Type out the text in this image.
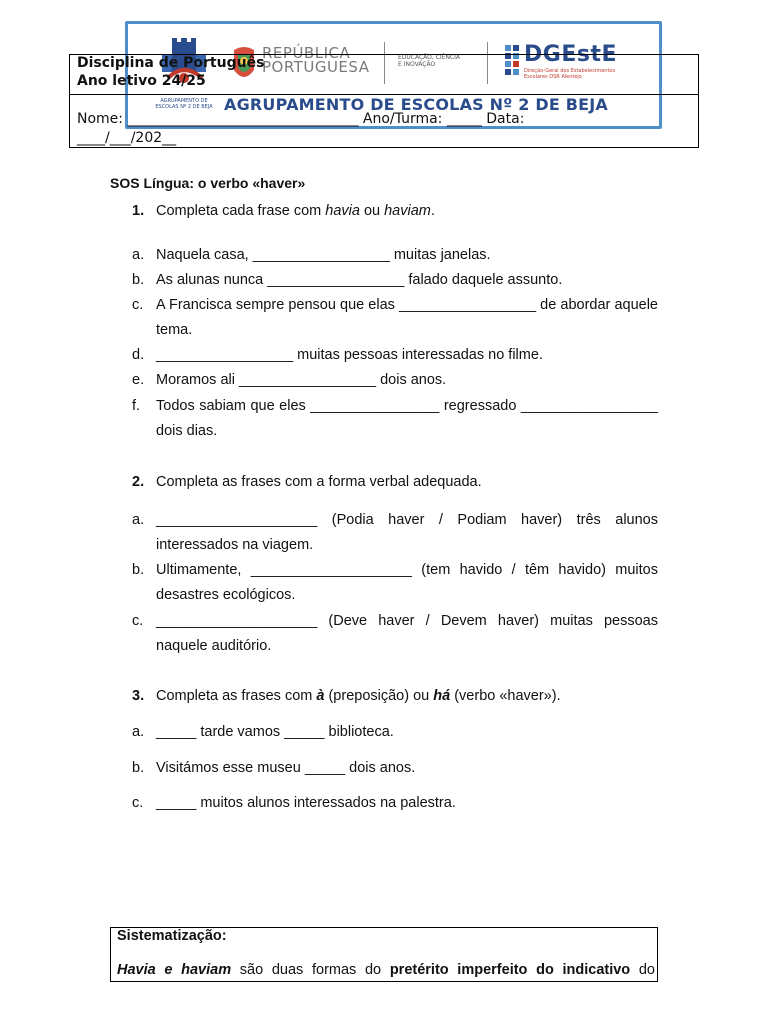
AGRUPAMENTO DE ESCOLAS Nº 2 DE BEJA
REPÚBLICA
PORTUGUESA
EDUCAÇÃO, CIÊNCIA
E INOVAÇÃO	DGEstE
Direção-Geral dos Estabelecimentos Escolares DSR Alentejo
AGRUPAMENTO DE ESCOLAS Nº 2 DE BEJA
Disciplina de Português
Ano letivo 24/25
Nome: _________________________________ Ano/Turma: _____ Data:
____/___/202__
SOS Língua: o verbo «haver»
1. Completa cada frase com havia ou haviam.
a. Naquela casa, _________________ muitas janelas.
b. As alunas nunca _________________ falado daquele assunto.
c. A Francisca sempre pensou que elas _________________ de abordar aquele tema.
d. _________________ muitas pessoas interessadas no filme.
e. Moramos ali _________________ dois anos.
f. Todos sabiam que eles ________________ regressado _________________ dois dias.
2. Completa as frases com a forma verbal adequada.
a. ____________________ (Podia haver / Podiam haver) três alunos interessados na viagem.
b. Ultimamente, ____________________ (tem havido / têm havido) muitos desastres ecológicos.
c. ____________________ (Deve haver / Devem haver) muitas pessoas naquele auditório.
3. Completa as frases com à (preposição) ou há (verbo «haver»).
a. _____ tarde vamos _____ biblioteca.
b. Visitámos esse museu _____ dois anos.
c. _____ muitos alunos interessados na palestra.
Sistematização:
Havia e haviam são duas formas do pretérito imperfeito do indicativo do
